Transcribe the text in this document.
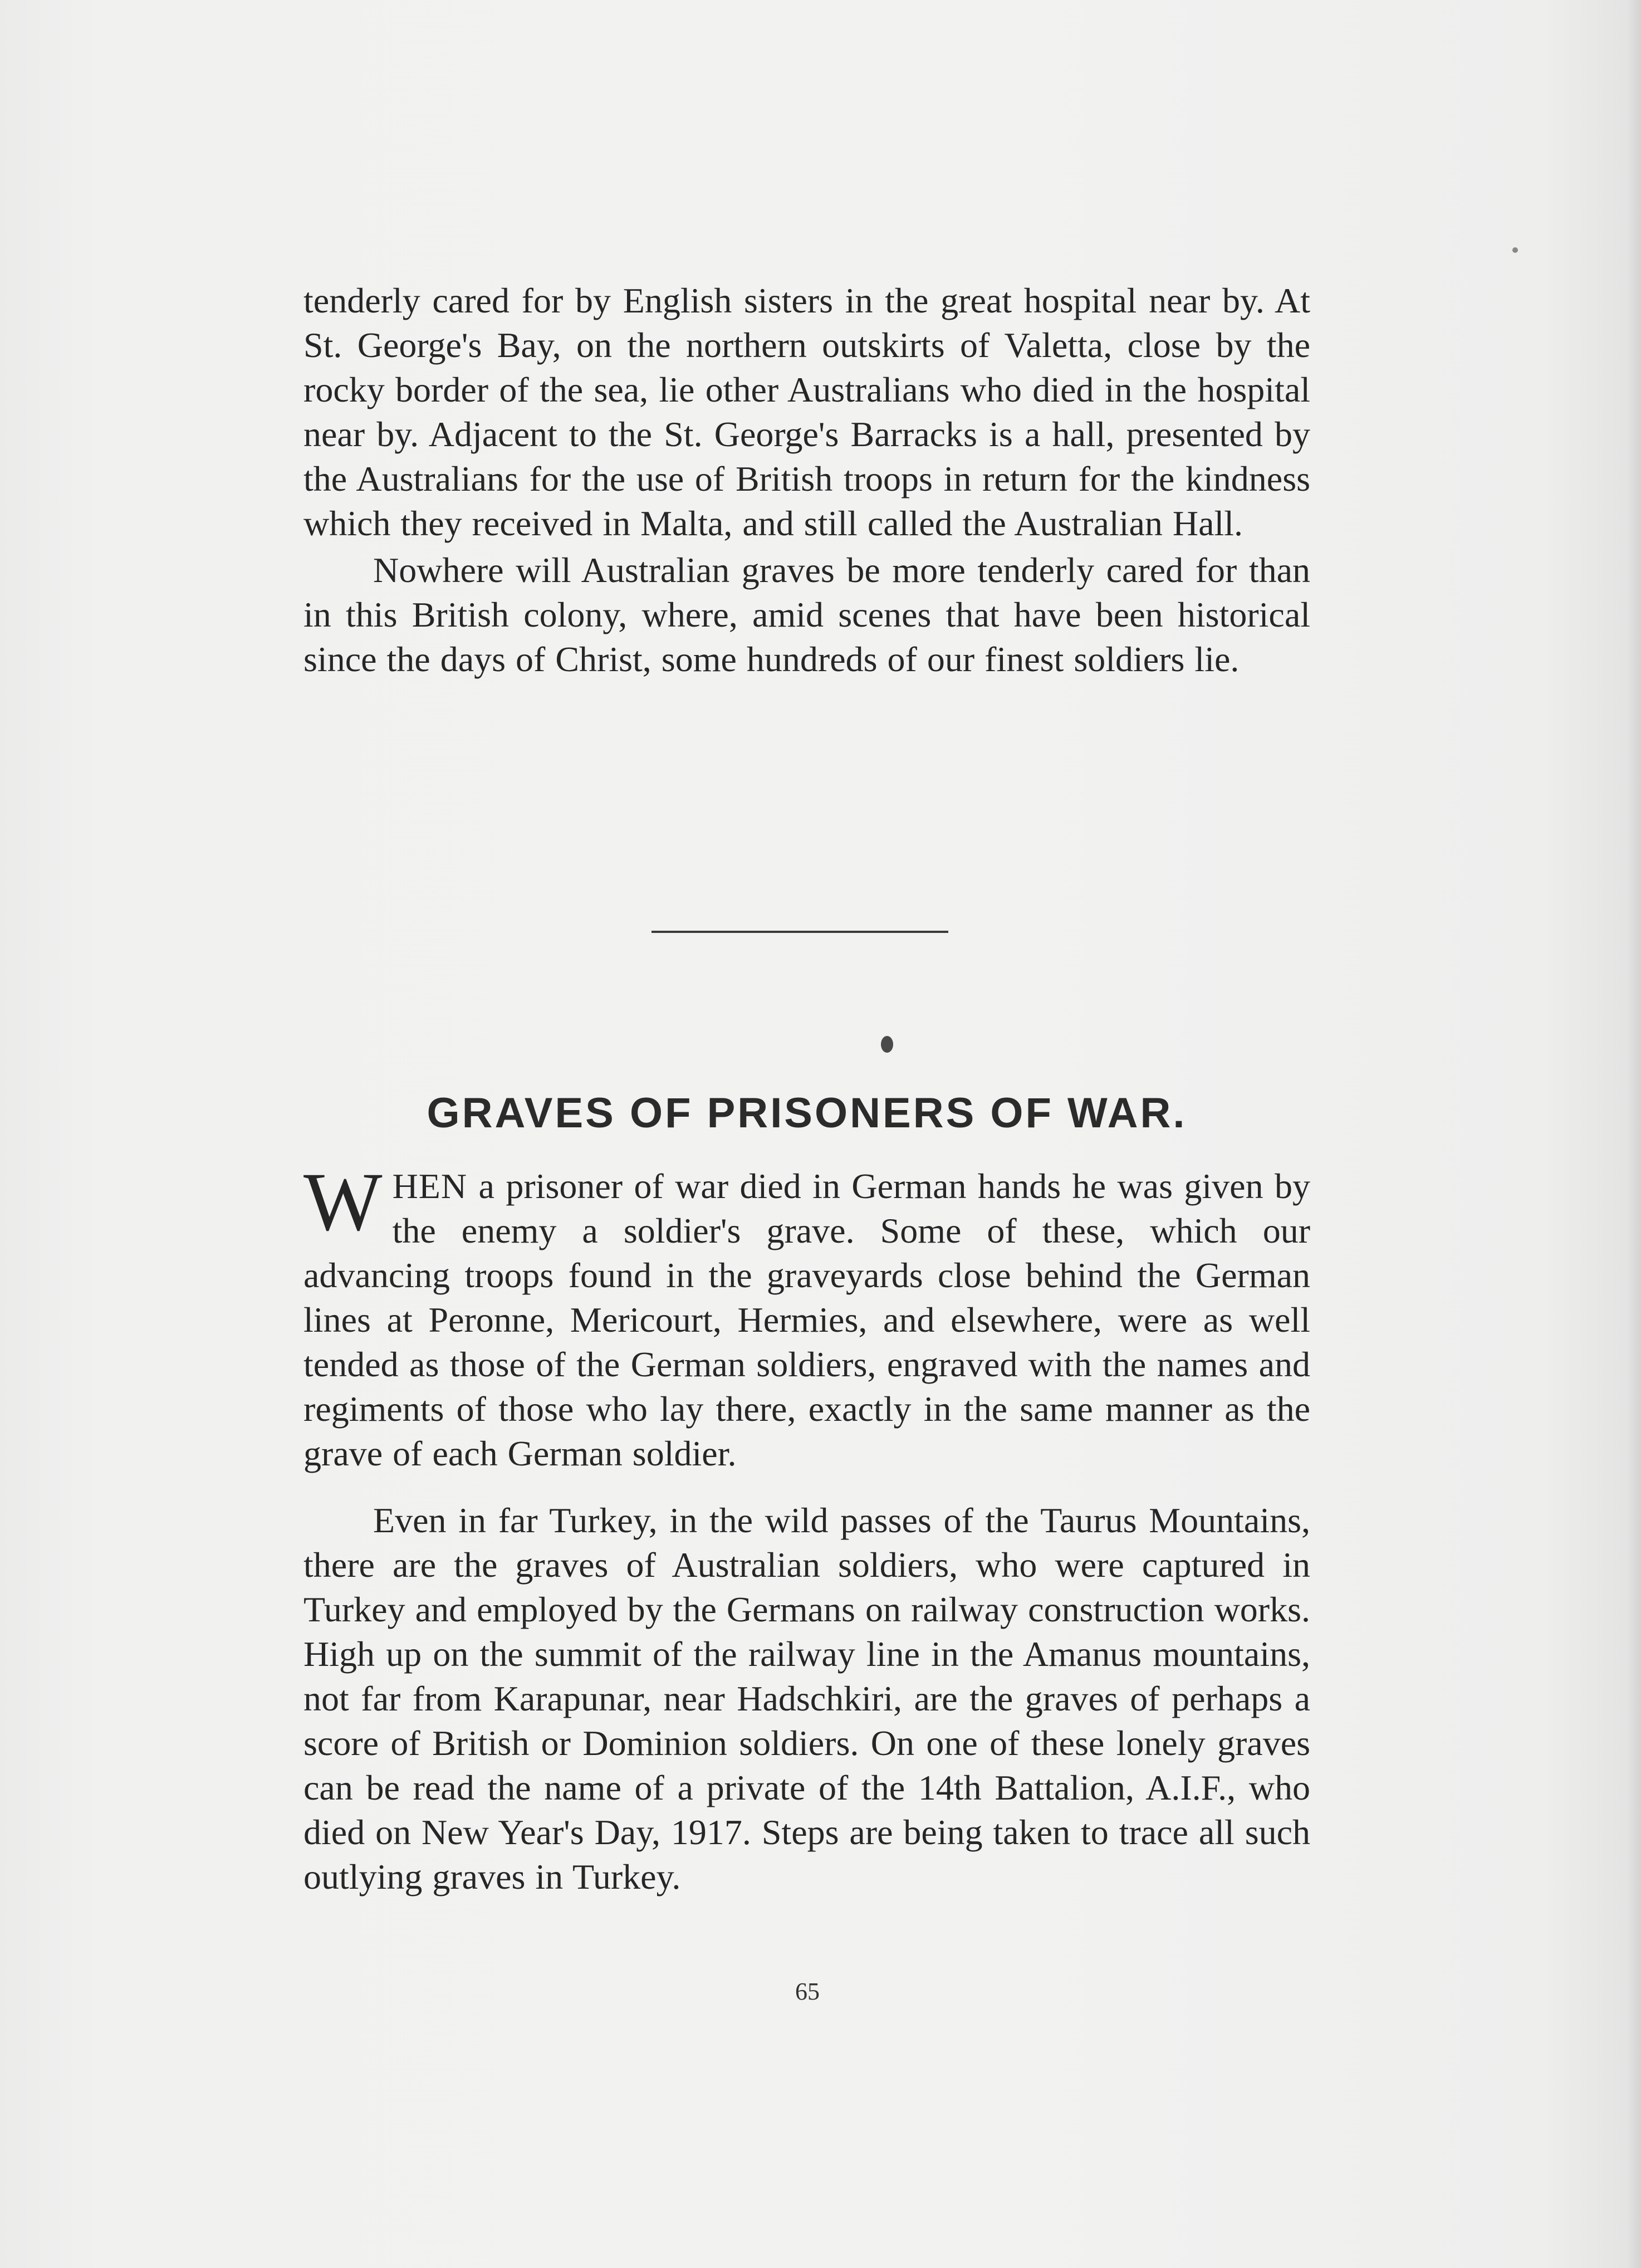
tenderly cared for by English sisters in the great hospital near by. At St. George's Bay, on the northern outskirts of Valetta, close by the rocky border of the sea, lie other Australians who died in the hospital near by. Adjacent to the St. George's Barracks is a hall, presented by the Australians for the use of British troops in return for the kindness which they received in Malta, and still called the Australian Hall.

Nowhere will Australian graves be more tenderly cared for than in this British colony, where, amid scenes that have been historical since the days of Christ, some hundreds of our finest soldiers lie.

GRAVES OF PRISONERS OF WAR.

WHEN a prisoner of war died in German hands he was given by the enemy a soldier's grave. Some of these, which our advancing troops found in the graveyards close behind the German lines at Peronne, Mericourt, Hermies, and elsewhere, were as well tended as those of the German soldiers, engraved with the names and regiments of those who lay there, exactly in the same manner as the grave of each German soldier.

Even in far Turkey, in the wild passes of the Taurus Mountains, there are the graves of Australian soldiers, who were captured in Turkey and employed by the Germans on railway construction works. High up on the summit of the railway line in the Amanus mountains, not far from Karapunar, near Hadschkiri, are the graves of perhaps a score of British or Dominion soldiers. On one of these lonely graves can be read the name of a private of the 14th Battalion, A.I.F., who died on New Year's Day, 1917. Steps are being taken to trace all such outlying graves in Turkey.

65
